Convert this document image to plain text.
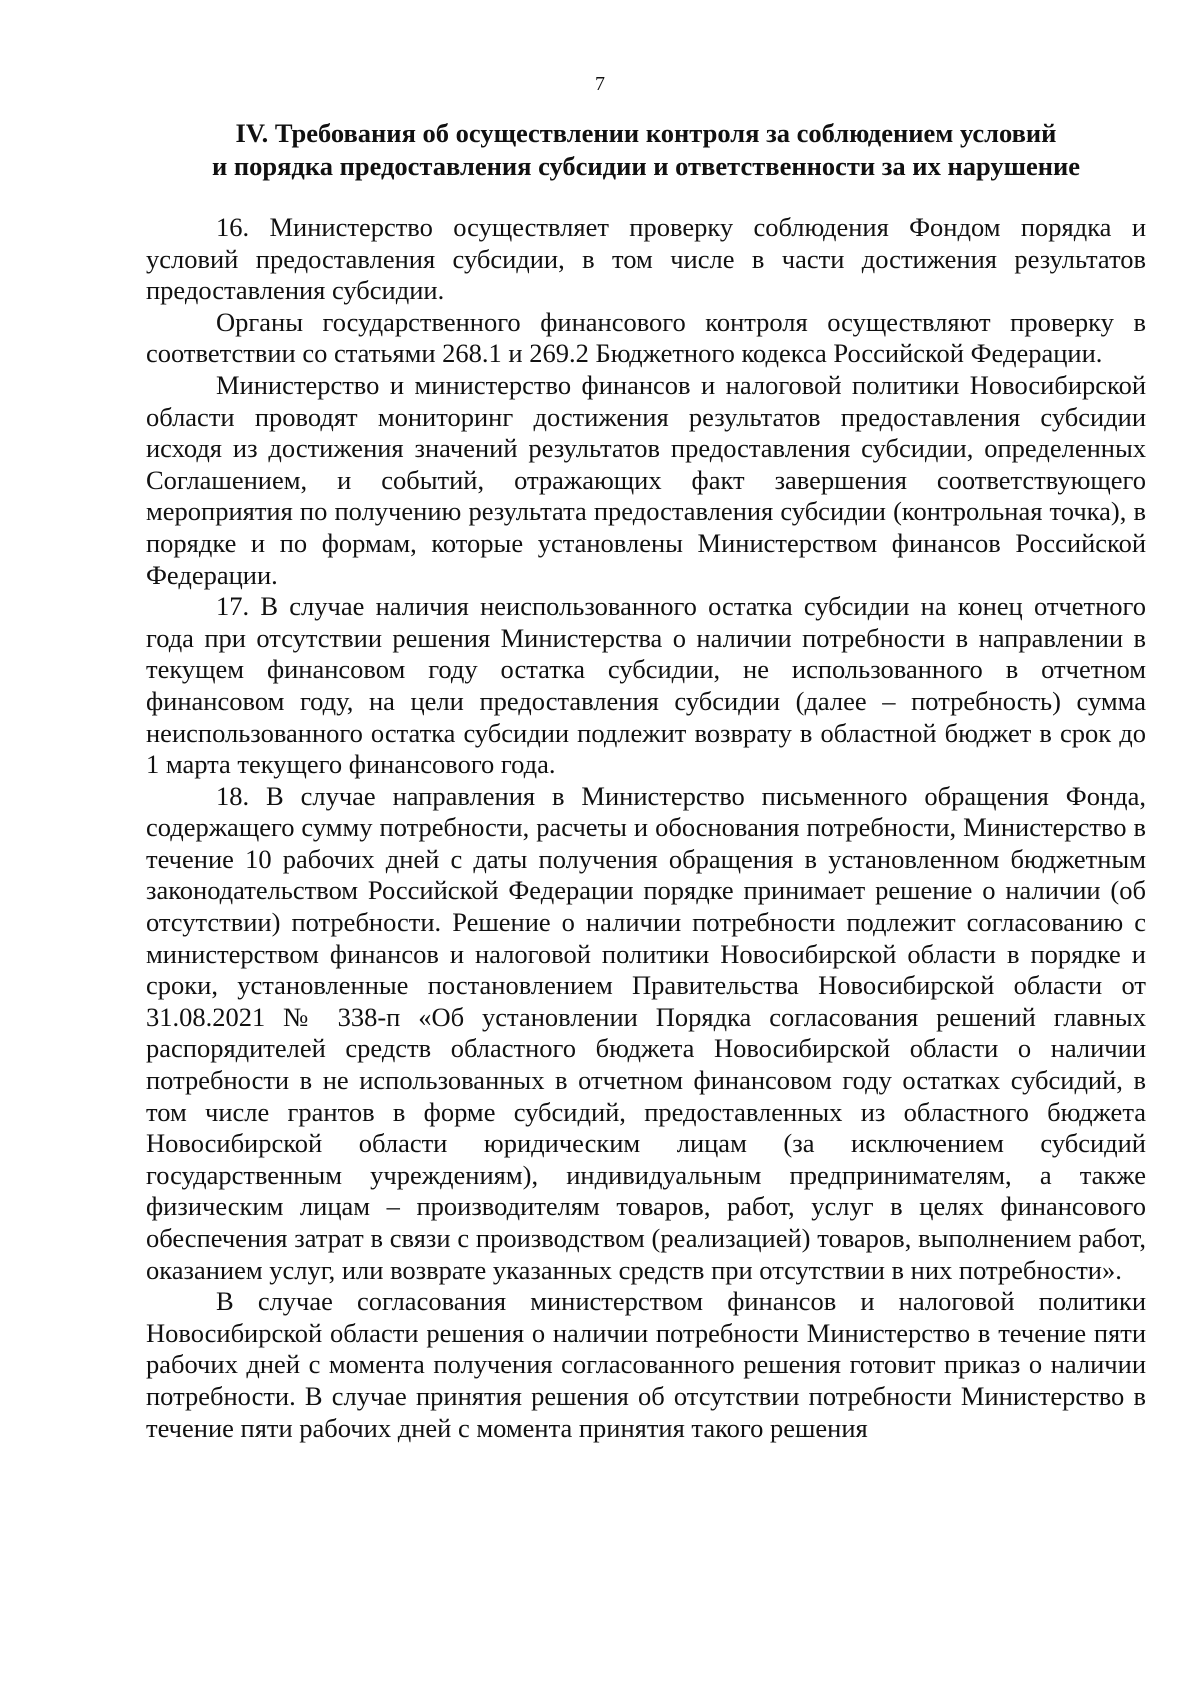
7
IV. Требования об осуществлении контроля за соблюдением условий
и порядка предоставления субсидии и ответственности за их нарушение

16. Министерство осуществляет проверку соблюдения Фондом порядка и условий предоставления субсидии, в том числе в части достижения результатов предоставления субсидии.

Органы государственного финансового контроля осуществляют проверку в соответствии со статьями 268.1 и 269.2 Бюджетного кодекса Российской Федерации.

Министерство и министерство финансов и налоговой политики Новосибирской области проводят мониторинг достижения результатов предоставления субсидии исходя из достижения значений результатов предоставления субсидии, определенных Соглашением, и событий, отражающих факт завершения соответствующего мероприятия по получению результата предоставления субсидии (контрольная точка), в порядке и по формам, которые установлены Министерством финансов Российской Федерации.

17. В случае наличия неиспользованного остатка субсидии на конец отчетного года при отсутствии решения Министерства о наличии потребности в направлении в текущем финансовом году остатка субсидии, не использованного в отчетном финансовом году, на цели предоставления субсидии (далее – потребность) сумма неиспользованного остатка субсидии подлежит возврату в областной бюджет в срок до 1 марта текущего финансового года.

18. В случае направления в Министерство письменного обращения Фонда, содержащего сумму потребности, расчеты и обоснования потребности, Министерство в течение 10 рабочих дней с даты получения обращения в установленном бюджетным законодательством Российской Федерации порядке принимает решение о наличии (об отсутствии) потребности. Решение о наличии потребности подлежит согласованию с министерством финансов и налоговой политики Новосибирской области в порядке и сроки, установленные постановлением Правительства Новосибирской области от 31.08.2021 № 338-п «Об установлении Порядка согласования решений главных распорядителей средств областного бюджета Новосибирской области о наличии потребности в не использованных в отчетном финансовом году остатках субсидий, в том числе грантов в форме субсидий, предоставленных из областного бюджета Новосибирской области юридическим лицам (за исключением субсидий государственным учреждениям), индивидуальным предпринимателям, а также физическим лицам – производителям товаров, работ, услуг в целях финансового обеспечения затрат в связи с производством (реализацией) товаров, выполнением работ, оказанием услуг, или возврате указанных средств при отсутствии в них потребности».

В случае согласования министерством финансов и налоговой политики Новосибирской области решения о наличии потребности Министерство в течение пяти рабочих дней с момента получения согласованного решения готовит приказ о наличии потребности. В случае принятия решения об отсутствии потребности Министерство в течение пяти рабочих дней с момента принятия такого решения
